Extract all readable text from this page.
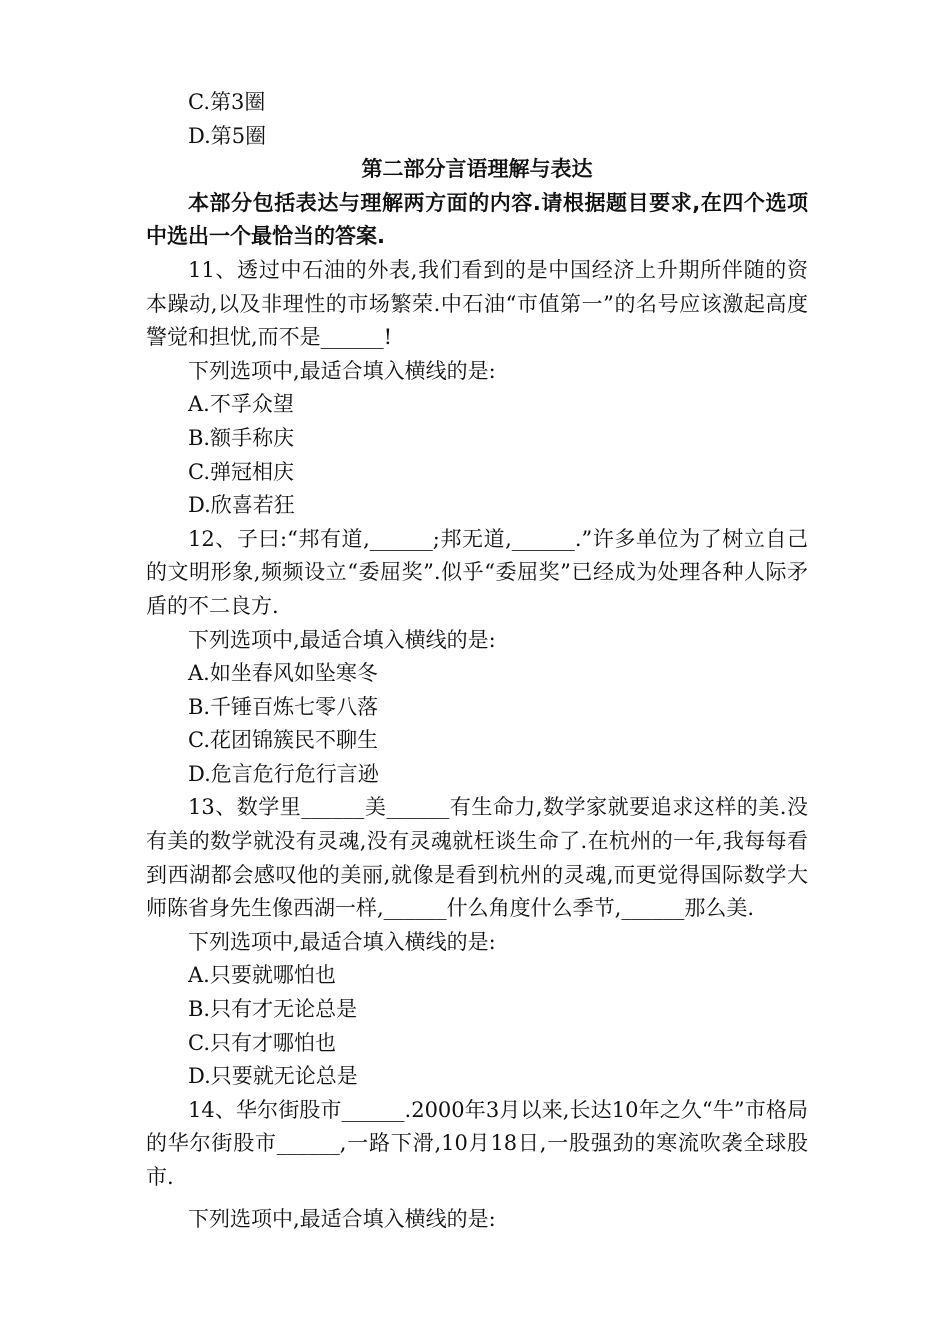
C.第3圈
D.第5圈
第二部分言语理解与表达
本部分包括表达与理解两方面的内容.请根据题目要求,在四个选项中选出一个最恰当的答案.
11、透过中石油的外表,我们看到的是中国经济上升期所伴随的资本躁动,以及非理性的市场繁荣.中石油“市值第一”的名号应该激起高度警觉和担忧,而不是______!
下列选项中,最适合填入横线的是:
A.不孚众望
B.额手称庆
C.弹冠相庆
D.欣喜若狂
12、子曰:“邦有道,______;邦无道,______.”许多单位为了树立自己的文明形象,频频设立“委屈奖”.似乎“委屈奖”已经成为处理各种人际矛盾的不二良方.
下列选项中,最适合填入横线的是:
A.如坐春风如坠寒冬
B.千锤百炼七零八落
C.花团锦簇民不聊生
D.危言危行危行言逊
13、数学里______美______有生命力,数学家就要追求这样的美.没有美的数学就没有灵魂,没有灵魂就枉谈生命了.在杭州的一年,我每每看到西湖都会感叹他的美丽,就像是看到杭州的灵魂,而更觉得国际数学大师陈省身先生像西湖一样,______什么角度什么季节,______那么美.
下列选项中,最适合填入横线的是:
A.只要就哪怕也
B.只有才无论总是
C.只有才哪怕也
D.只要就无论总是
14、华尔街股市______.2000年3月以来,长达10年之久“牛”市格局的华尔街股市______,一路下滑,10月18日,一股强劲的寒流吹袭全球股市.
下列选项中,最适合填入横线的是:
